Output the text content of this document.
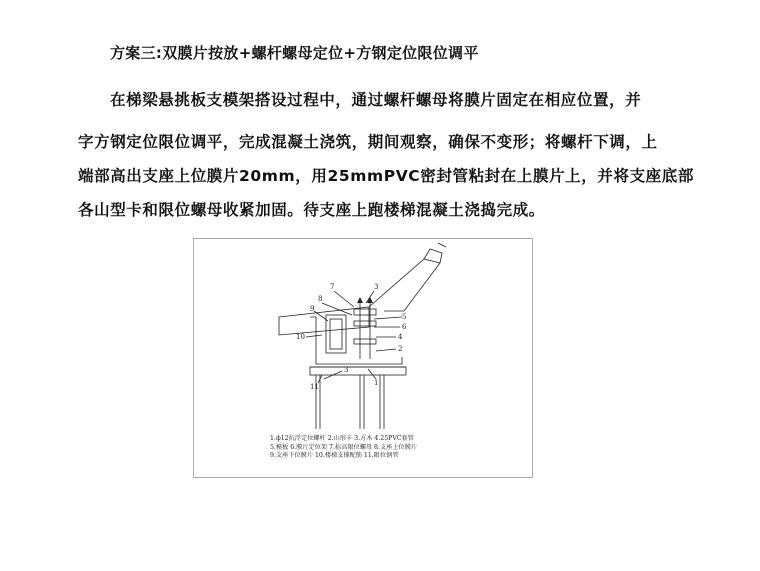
方案三:双膜片按放+螺杆螺母定位+方钢定位限位调平
在梯梁悬挑板支模架搭设过程中，通过螺杆螺母将膜片固定在相应位置，并
字方钢定位限位调平，完成混凝土浇筑，期间观察，确保不变形；将螺杆下调，上
端部高出支座上位膜片20mm，用25mmPVC密封管粘封在上膜片上，并将支座底部
各山型卡和限位螺母收紧加固。待支座上跑楼梯混凝土浇捣完成。
7
8
9
10
5
6
4
2
3
3
1
11
1.ф12抗浮定位螺杆 2.山形卡 3.方木 4.25PVC套管
5.模板 6.膜片定位架 7.标高限位螺母 8.支座上位膜片
9.支座下位膜片 10.楼梯支撑配筋 11.限位钢管
